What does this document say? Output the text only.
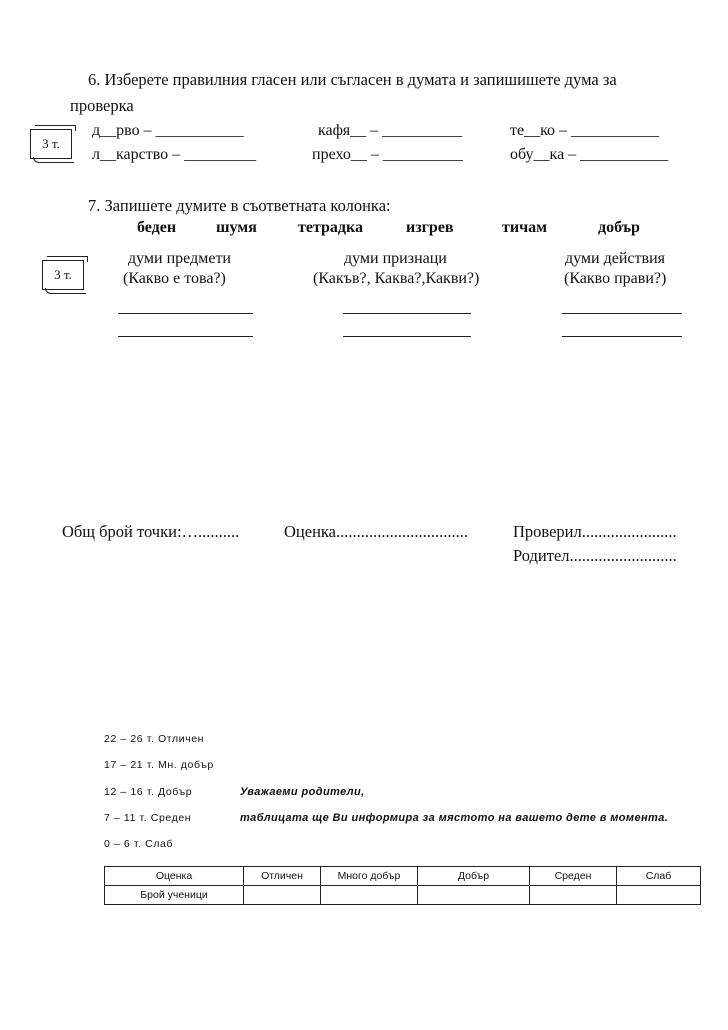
6. Изберете правилния гласен или съгласен в думата и запишишете дума за
проверка
3 т.
д__рво – ___________	кафя__ – __________	те__ко – ___________
л__карство – _________	прехо__ – __________	обу__ка – ___________
7. Запишете думите в съответната колонка:
беден шумя	тетрадка	изгрев	тичам	добър
3 т.
думи предмети
(Какво е това?)
думи признаци
(Какъв?, Каква?,Какви?)
думи действия
(Какво прави?)
Общ брой точки:…..........	Оценка................................	Проверил.......................
Родител..........................
22 – 26 т. Отличен
17 – 21 т. Мн. добър
12 – 16 т. Добър
7 – 11 т. Среден
0 – 6 т. Слаб
Уважаеми родители,
таблицата ще Ви информира за мястото на вашето дете в момента.
Оценка	Отличен	Много добър	Добър	Среден	Слаб
Брой ученици					
